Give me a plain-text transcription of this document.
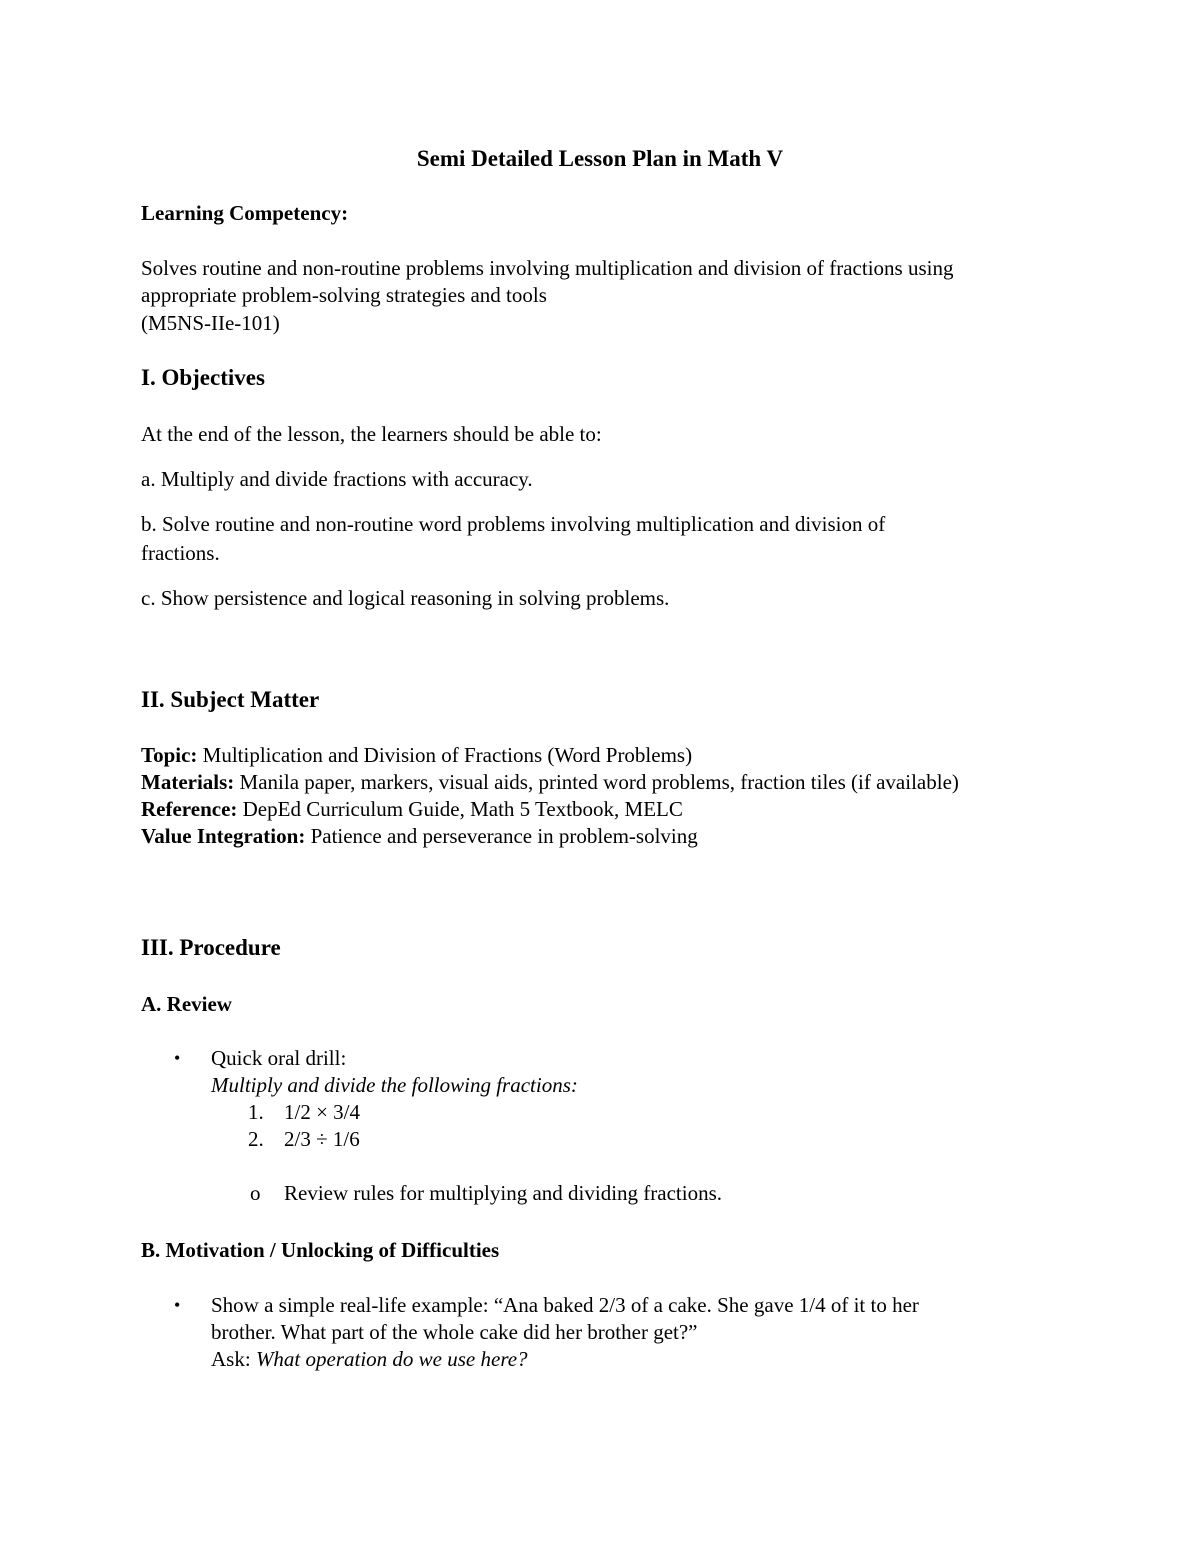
Semi Detailed Lesson Plan in Math V
Learning Competency:
Solves routine and non-routine problems involving multiplication and division of fractions using
appropriate problem-solving strategies and tools
(M5NS-IIe-101)
I. Objectives
At the end of the lesson, the learners should be able to:
a. Multiply and divide fractions with accuracy.
b. Solve routine and non-routine word problems involving multiplication and division of
fractions.
c. Show persistence and logical reasoning in solving problems.
II. Subject Matter
Topic: Multiplication and Division of Fractions (Word Problems)
Materials: Manila paper, markers, visual aids, printed word problems, fraction tiles (if available)
Reference: DepEd Curriculum Guide, Math 5 Textbook, MELC
Value Integration: Patience and perseverance in problem-solving
III. Procedure
A. Review
• Quick oral drill:
Multiply and divide the following fractions:
1. 1/2 × 3/4
2. 2/3 ÷ 1/6
o Review rules for multiplying and dividing fractions.
B. Motivation / Unlocking of Difficulties
• Show a simple real-life example: “Ana baked 2/3 of a cake. She gave 1/4 of it to her
brother. What part of the whole cake did her brother get?”
Ask: What operation do we use here?
